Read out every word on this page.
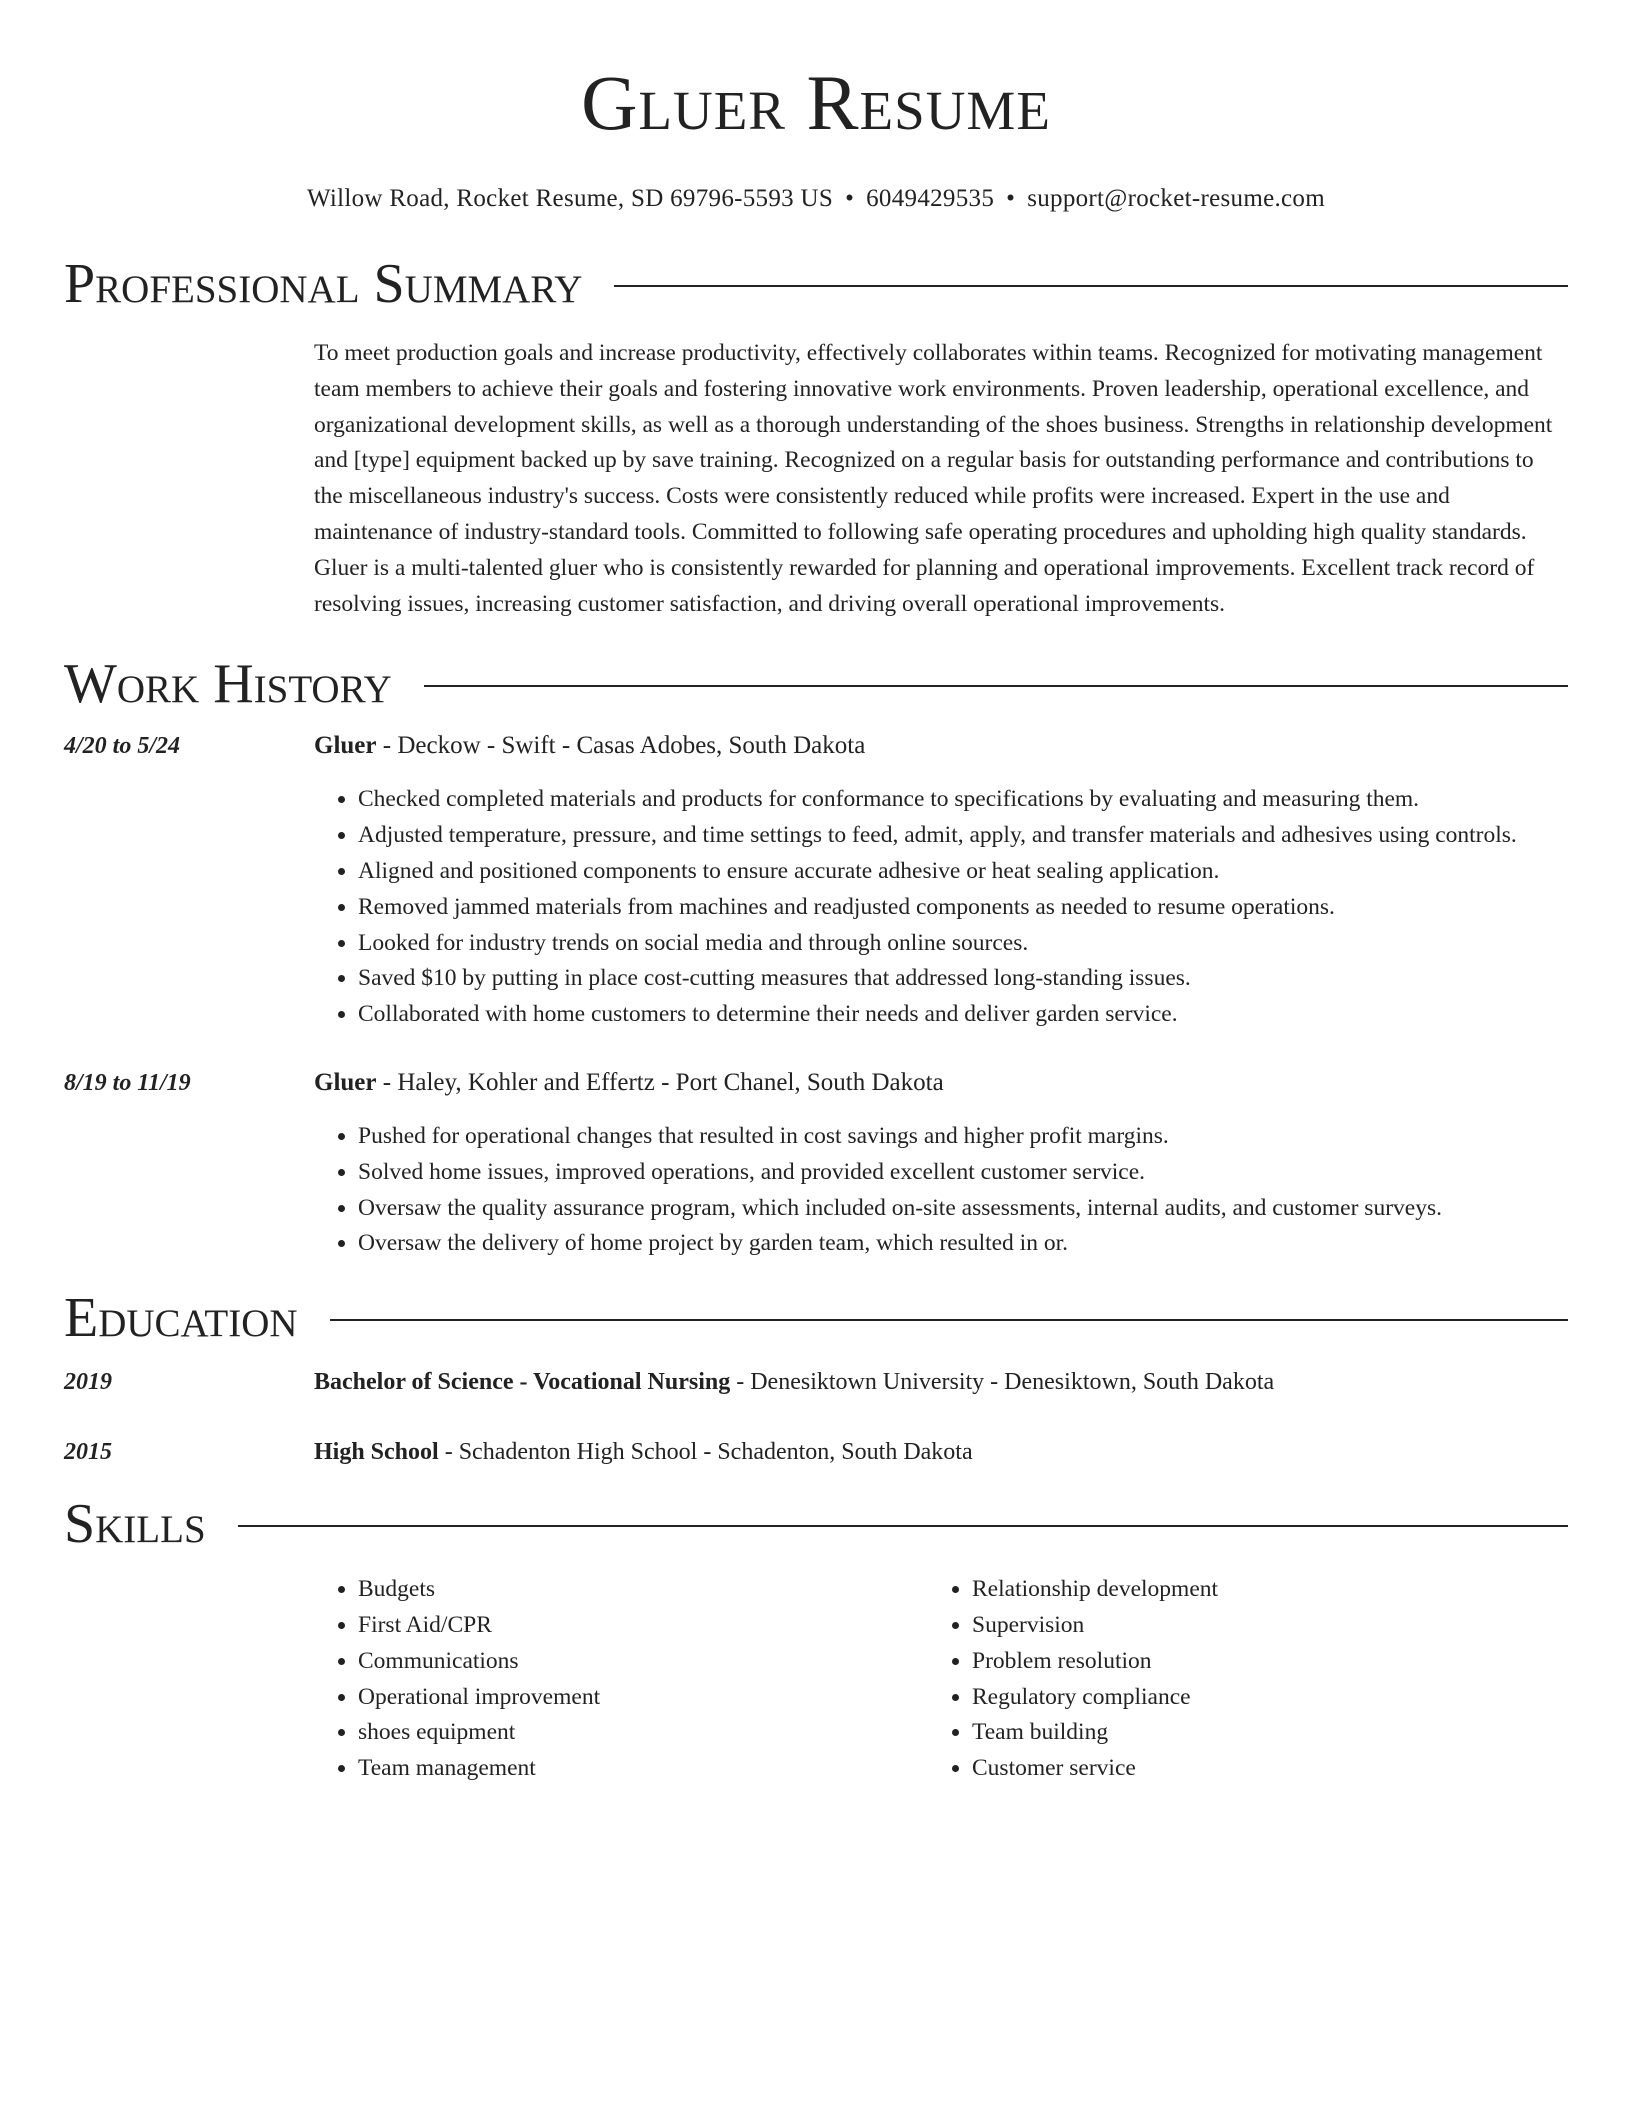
Gluer Resume
Willow Road, Rocket Resume, SD 69796-5593 US • 6049429535 • support@rocket-resume.com
Professional Summary
To meet production goals and increase productivity, effectively collaborates within teams. Recognized for motivating management team members to achieve their goals and fostering innovative work environments. Proven leadership, operational excellence, and organizational development skills, as well as a thorough understanding of the shoes business. Strengths in relationship development and [type] equipment backed up by save training. Recognized on a regular basis for outstanding performance and contributions to the miscellaneous industry's success. Costs were consistently reduced while profits were increased. Expert in the use and maintenance of industry-standard tools. Committed to following safe operating procedures and upholding high quality standards. Gluer is a multi-talented gluer who is consistently rewarded for planning and operational improvements. Excellent track record of resolving issues, increasing customer satisfaction, and driving overall operational improvements.
Work History
4/20 to 5/24	Gluer - Deckow - Swift - Casas Adobes, South Dakota
• Checked completed materials and products for conformance to specifications by evaluating and measuring them.
• Adjusted temperature, pressure, and time settings to feed, admit, apply, and transfer materials and adhesives using controls.
• Aligned and positioned components to ensure accurate adhesive or heat sealing application.
• Removed jammed materials from machines and readjusted components as needed to resume operations.
• Looked for industry trends on social media and through online sources.
• Saved $10 by putting in place cost-cutting measures that addressed long-standing issues.
• Collaborated with home customers to determine their needs and deliver garden service.
8/19 to 11/19	Gluer - Haley, Kohler and Effertz - Port Chanel, South Dakota
• Pushed for operational changes that resulted in cost savings and higher profit margins.
• Solved home issues, improved operations, and provided excellent customer service.
• Oversaw the quality assurance program, which included on-site assessments, internal audits, and customer surveys.
• Oversaw the delivery of home project by garden team, which resulted in or.
Education
2019	Bachelor of Science - Vocational Nursing - Denesiktown University - Denesiktown, South Dakota
2015	High School - Schadenton High School - Schadenton, South Dakota
Skills
• Budgets
• First Aid/CPR
• Communications
• Operational improvement
• shoes equipment
• Team management
• Relationship development
• Supervision
• Problem resolution
• Regulatory compliance
• Team building
• Customer service
